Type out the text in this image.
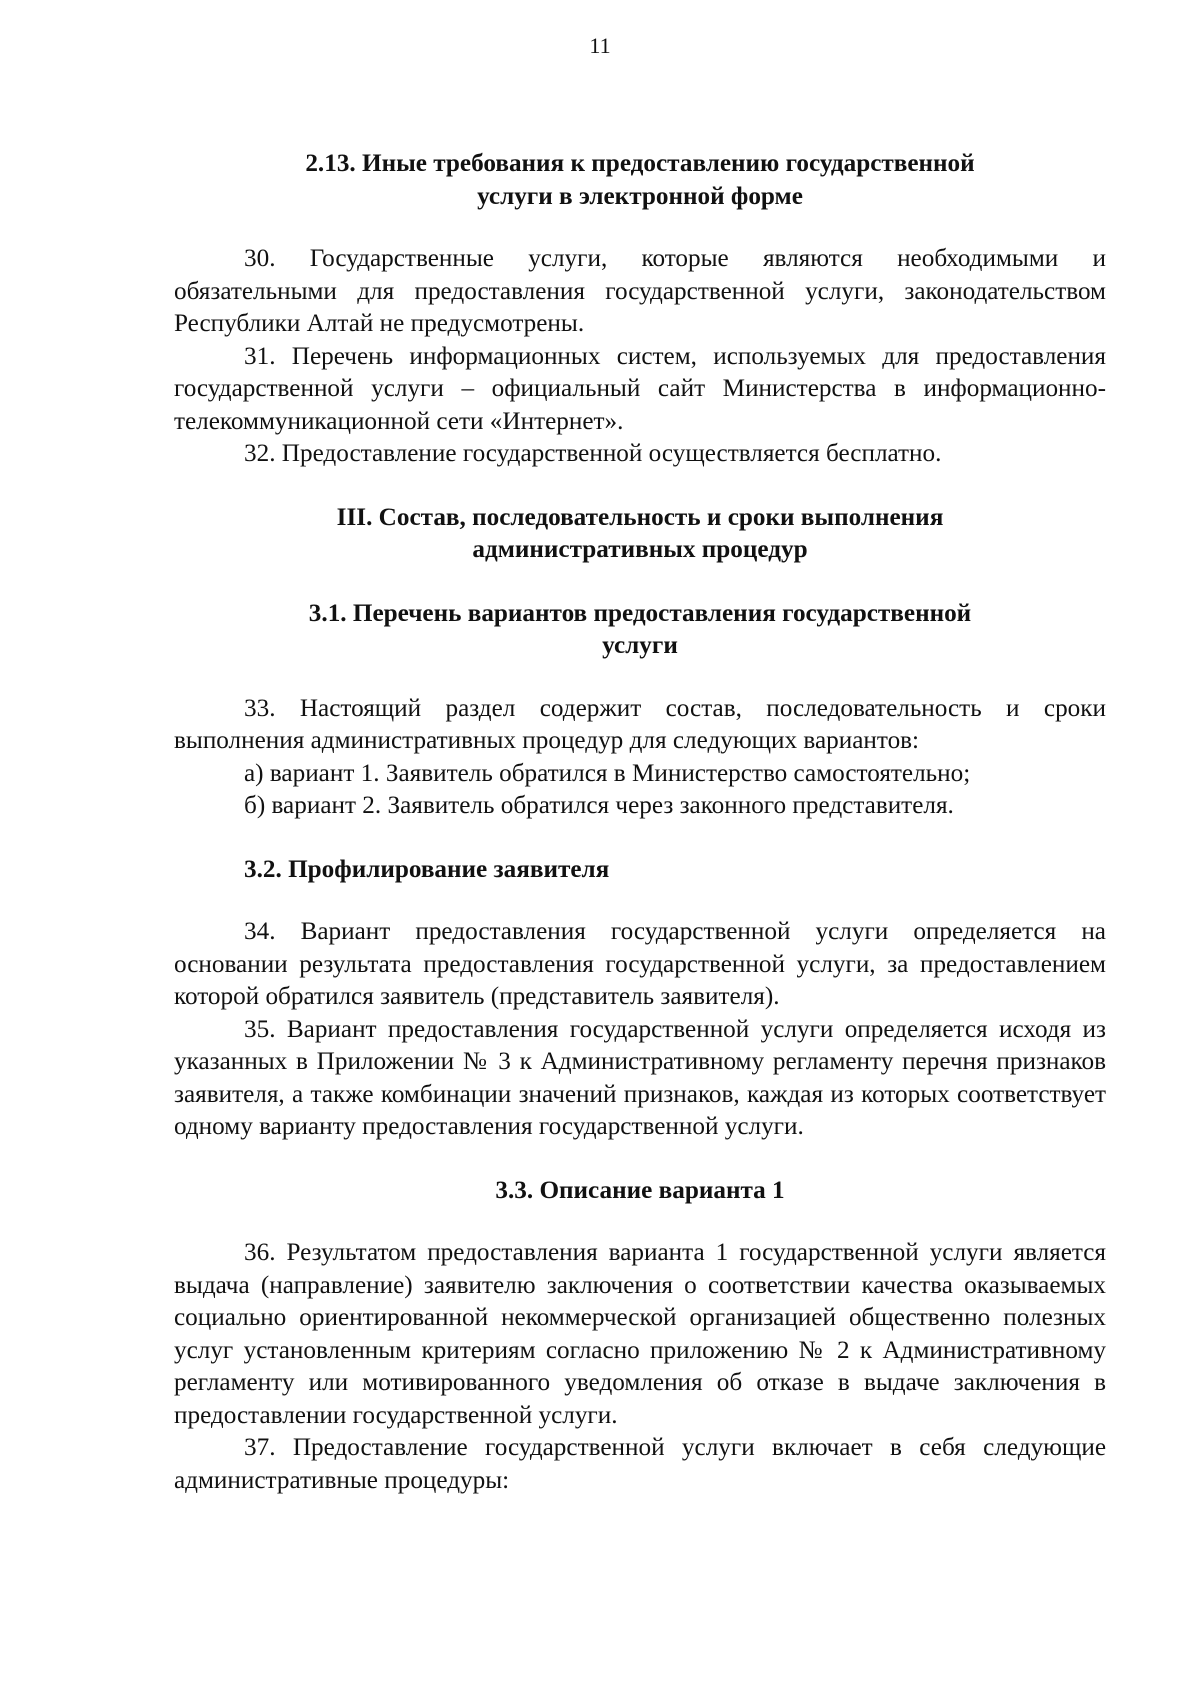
11
2.13. Иные требования к предоставлению государственной
услуги в электронной форме

30. Государственные услуги, которые являются необходимыми и обязательными для предоставления государственной услуги, законодательством Республики Алтай не предусмотрены.

31. Перечень информационных систем, используемых для предоставления государственной услуги – официальный сайт Министерства в информационно-телекоммуникационной сети «Интернет».

32. Предоставление государственной осуществляется бесплатно.

III. Состав, последовательность и сроки выполнения
административных процедур
3.1. Перечень вариантов предоставления государственной
услуги

33. Настоящий раздел содержит состав, последовательность и сроки выполнения административных процедур для следующих вариантов:

а) вариант 1. Заявитель обратился в Министерство самостоятельно;

б) вариант 2. Заявитель обратился через законного представителя.

3.2. Профилирование заявителя

34. Вариант предоставления государственной услуги определяется на основании результата предоставления государственной услуги, за предоставлением которой обратился заявитель (представитель заявителя).

35. Вариант предоставления государственной услуги определяется исходя из указанных в Приложении № 3 к Административному регламенту перечня признаков заявителя, а также комбинации значений признаков, каждая из которых соответствует одному варианту предоставления государственной услуги.

3.3. Описание варианта 1

36. Результатом предоставления варианта 1 государственной услуги является выдача (направление) заявителю заключения о соответствии качества оказываемых социально ориентированной некоммерческой организацией общественно полезных услуг установленным критериям согласно приложению № 2 к Административному регламенту или мотивированного уведомления об отказе в выдаче заключения в предоставлении государственной услуги.

37. Предоставление государственной услуги включает в себя следующие административные процедуры:
